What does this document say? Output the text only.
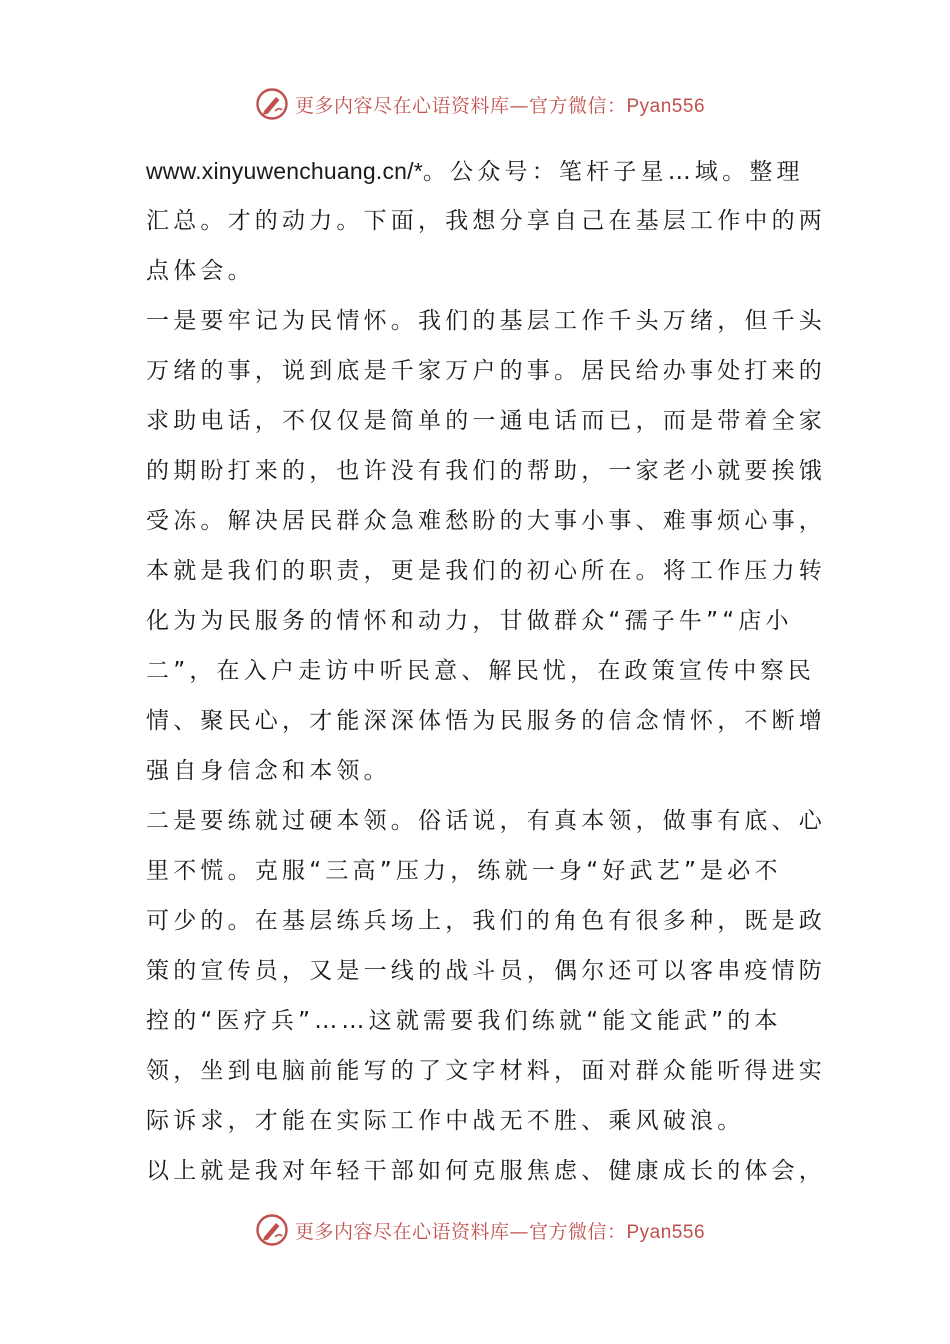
更多内容尽在心语资料库—官方微信：Pyan556
www.xinyuwenchuang.cn/*。公众号：笔杆子星…域。整理
汇总。才的动力。下面，我想分享自己在基层工作中的两
点体会。
一是要牢记为民情怀。我们的基层工作千头万绪，但千头
万绪的事，说到底是千家万户的事。居民给办事处打来的
求助电话，不仅仅是简单的一通电话而已，而是带着全家
的期盼打来的，也许没有我们的帮助，一家老小就要挨饿
受冻。解决居民群众急难愁盼的大事小事、难事烦心事，
本就是我们的职责，更是我们的初心所在。将工作压力转
化为为民服务的情怀和动力，甘做群众“孺子牛”“店小
二”，在入户走访中听民意、解民忧，在政策宣传中察民
情、聚民心，才能深深体悟为民服务的信念情怀，不断增
强自身信念和本领。
二是要练就过硬本领。俗话说，有真本领，做事有底、心
里不慌。克服“三高”压力，练就一身“好武艺”是必不
可少的。在基层练兵场上，我们的角色有很多种，既是政
策的宣传员，又是一线的战斗员，偶尔还可以客串疫情防
控的“医疗兵”……这就需要我们练就“能文能武”的本
领，坐到电脑前能写的了文字材料，面对群众能听得进实
际诉求，才能在实际工作中战无不胜、乘风破浪。
以上就是我对年轻干部如何克服焦虑、健康成长的体会，
更多内容尽在心语资料库—官方微信：Pyan556
